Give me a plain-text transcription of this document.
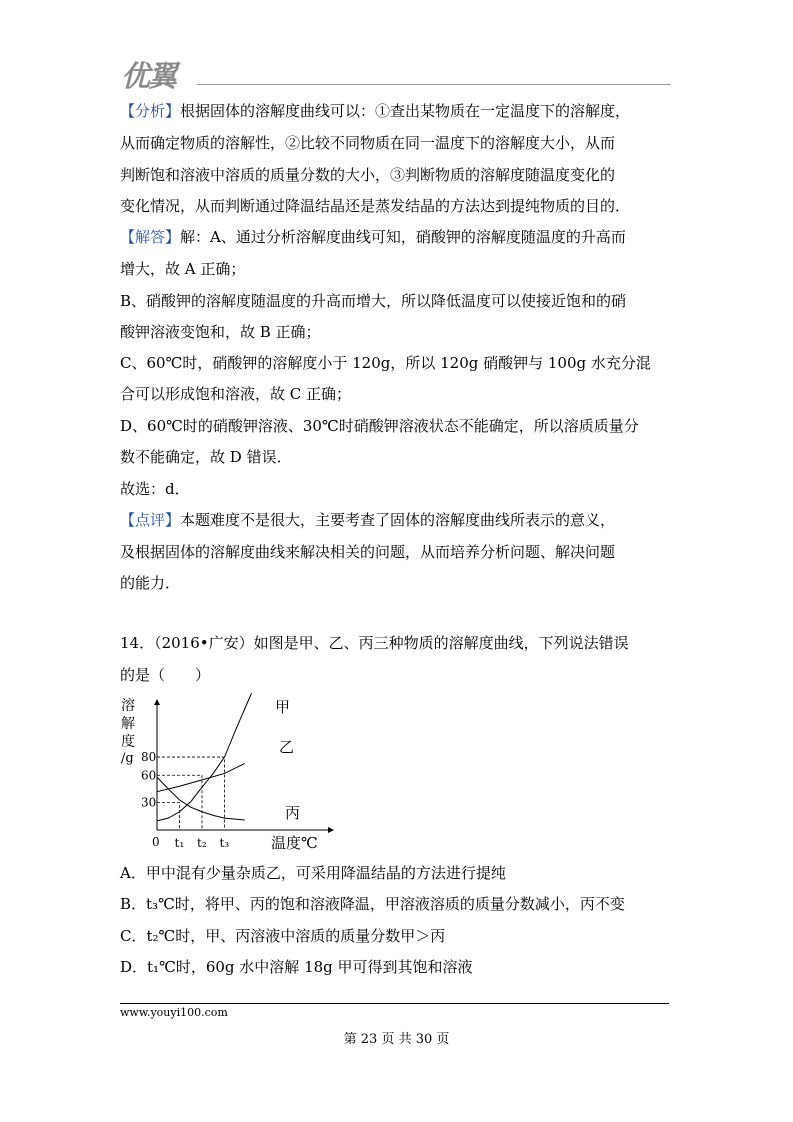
优翼
【分析】根据固体的溶解度曲线可以：①查出某物质在一定温度下的溶解度，
从而确定物质的溶解性，②比较不同物质在同一温度下的溶解度大小，从而
判断饱和溶液中溶质的质量分数的大小，③判断物质的溶解度随温度变化的
变化情况，从而判断通过降温结晶还是蒸发结晶的方法达到提纯物质的目的．
【解答】解：A、通过分析溶解度曲线可知，硝酸钾的溶解度随温度的升高而
增大，故 A 正确；
B、硝酸钾的溶解度随温度的升高而增大，所以降低温度可以使接近饱和的硝
酸钾溶液变饱和，故 B 正确；
C、60℃时，硝酸钾的溶解度小于 120g，所以 120g 硝酸钾与 100g 水充分混
合可以形成饱和溶液，故 C 正确；
D、60℃时的硝酸钾溶液、30℃时硝酸钾溶液状态不能确定，所以溶质质量分
数不能确定，故 D 错误．
故选：d．
【点评】本题难度不是很大，主要考查了固体的溶解度曲线所表示的意义，
及根据固体的溶解度曲线来解决相关的问题，从而培养分析问题、解决问题
的能力．
14．（2016•广安）如图是甲、乙、丙三种物质的溶解度曲线，下列说法错误
的是（　　）
溶
解
度
/g
0	温度℃
30
60
80
t₁ t₂ t₃
甲
乙
丙
A．甲中混有少量杂质乙，可采用降温结晶的方法进行提纯
B．t₃℃时，将甲、丙的饱和溶液降温，甲溶液溶质的质量分数减小，丙不变
C．t₂℃时，甲、丙溶液中溶质的质量分数甲＞丙
D．t₁℃时，60g 水中溶解 18g 甲可得到其饱和溶液
www.youyi100.com
第 23 页 共 30 页
